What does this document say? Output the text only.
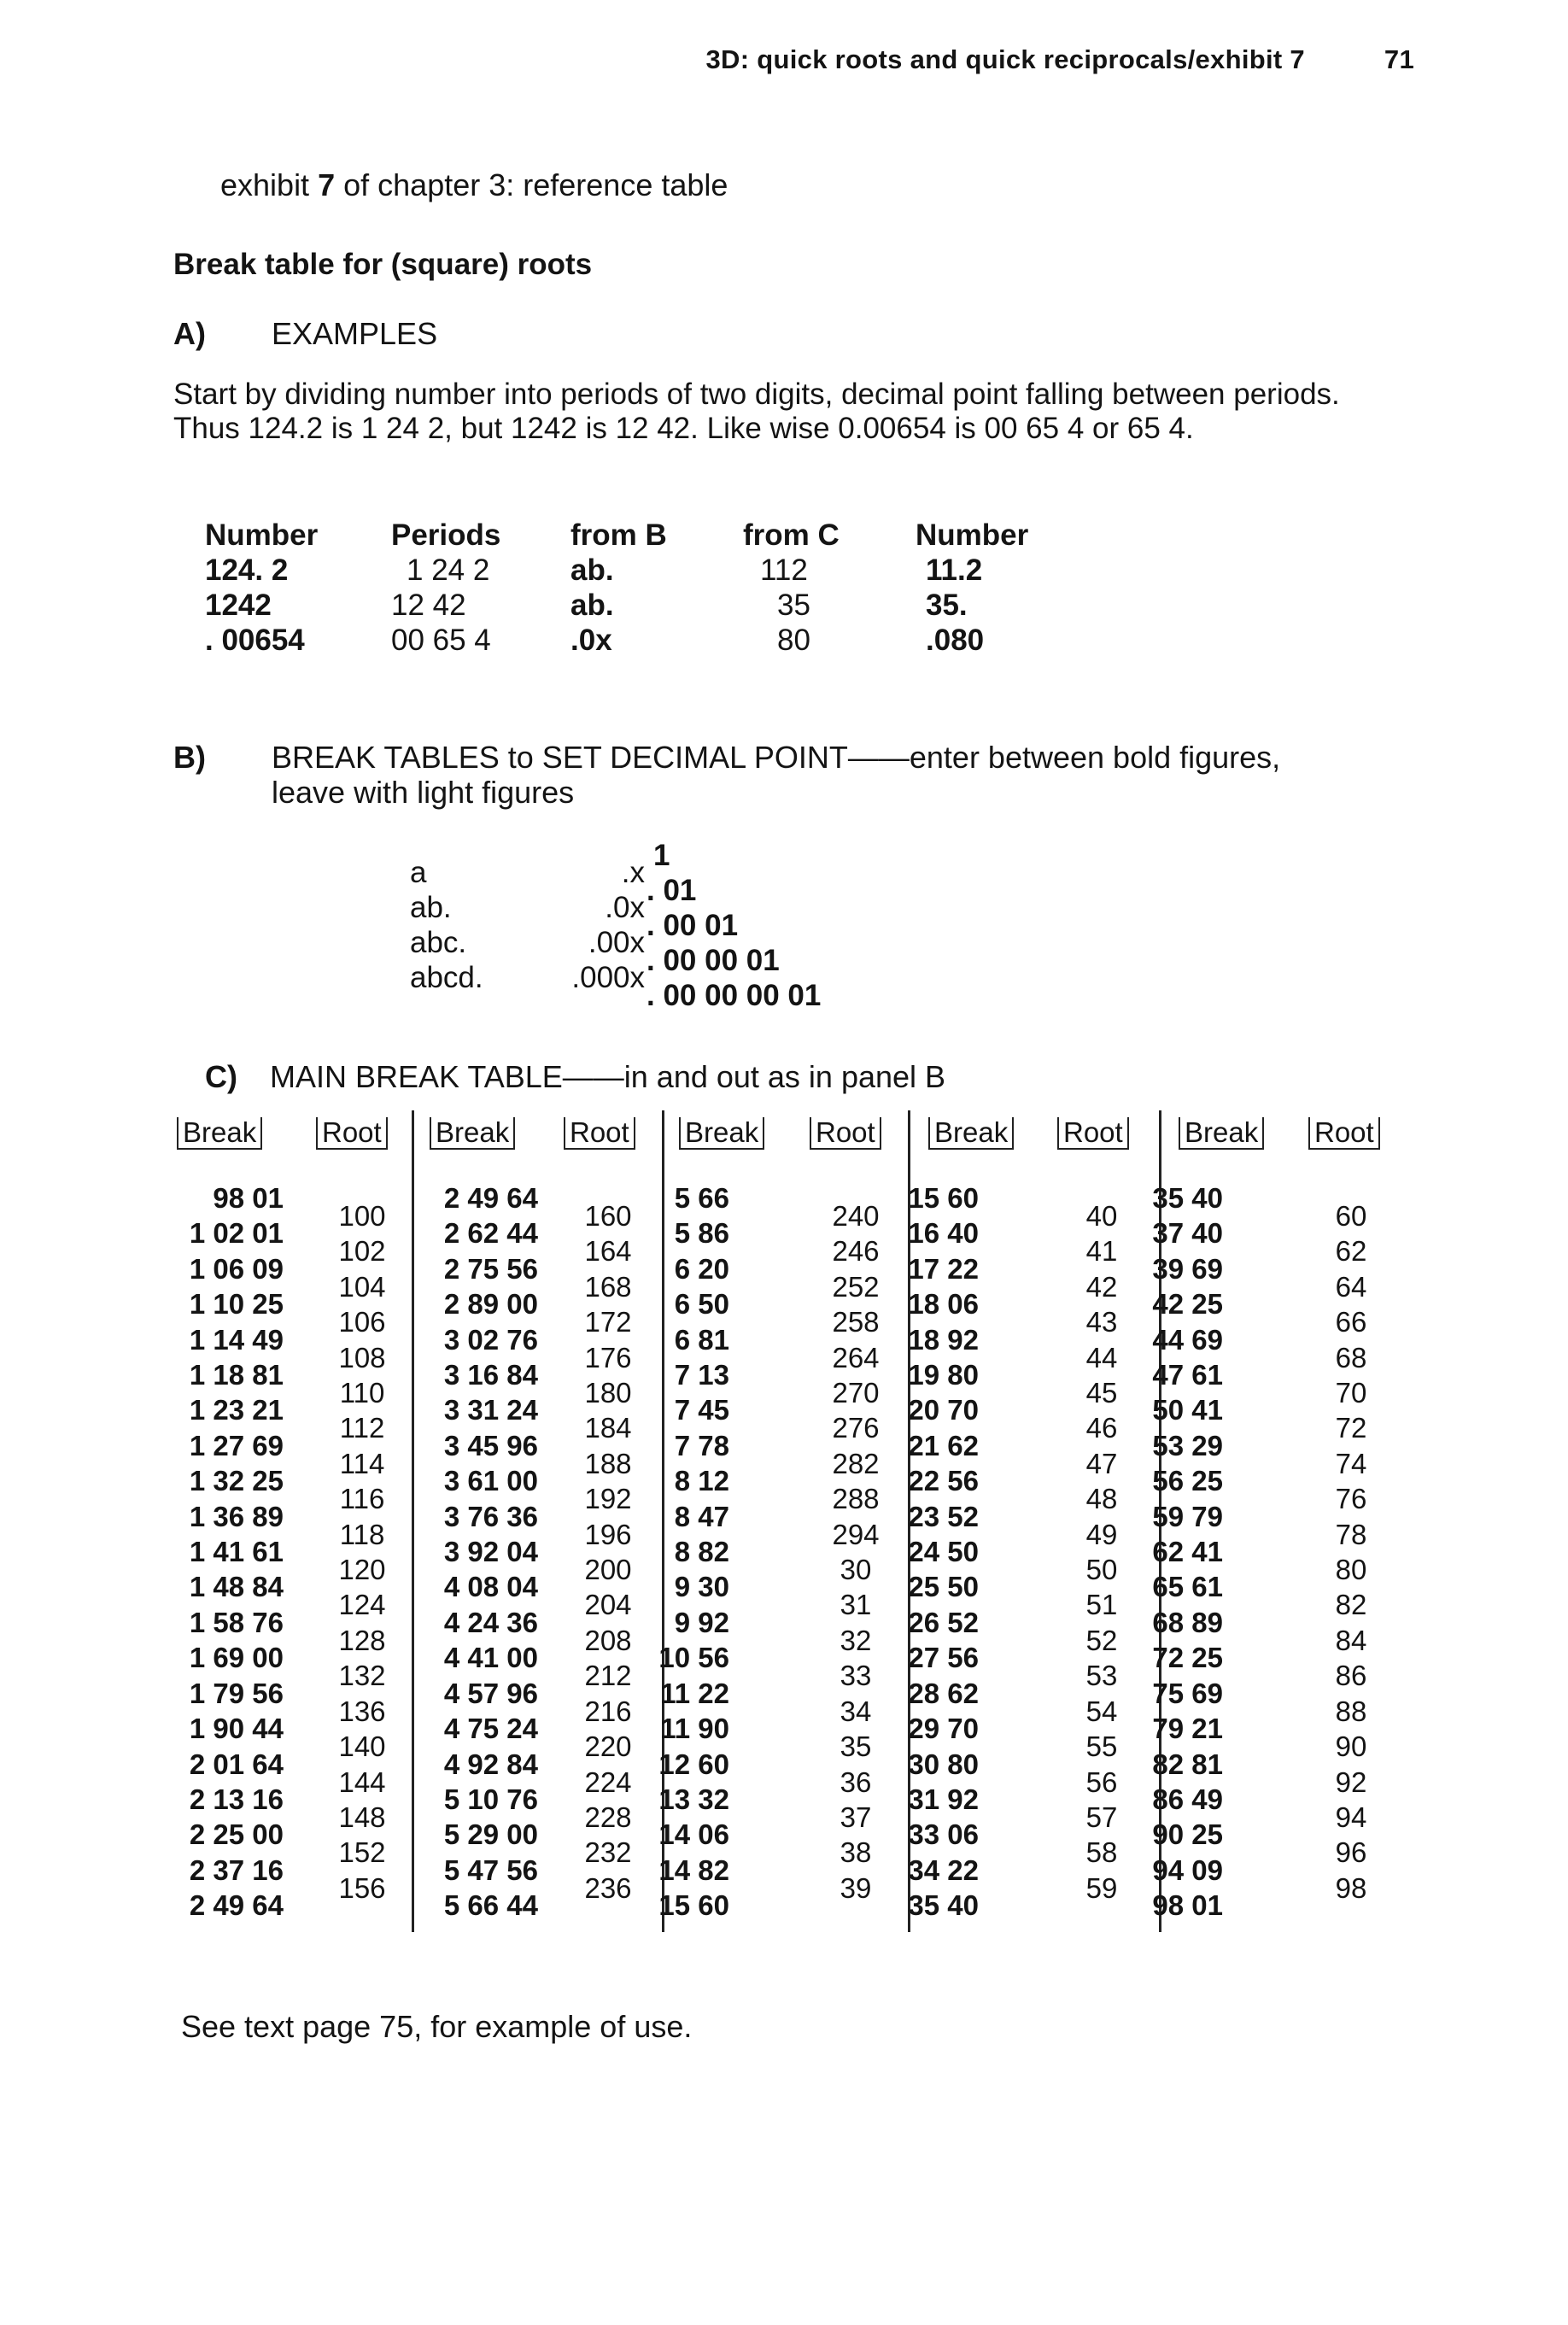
3D: quick roots and quick reciprocals/exhibit 7	71
exhibit 7 of chapter 3: reference table
Break table for (square) roots
A) EXAMPLES
Start by dividing number into periods of two digits, decimal point falling between periods. Thus 124.2 is 1 24 2, but 1242 is 12 42. Like wise 0.00654 is 00 65 4 or 65 4.
Number
124. 2
1242
. 00654
Periods
1 24 2
12 42
00 65 4
from B
ab.
ab.
.0x
from C
112
35
80
Number
11.2
35.
.080
B) BREAK TABLES to SET DECIMAL POINT——enter between bold figures,
leave with light figures
a
ab.
abc.
abcd.
.x
.0x
.00x
.000x
1
. 01
. 00 01
. 00 00 01
. 00 00 00 01
C) MAIN BREAK TABLE——in and out as in panel B
Break Root Break Root Break Root Break Root Break Root
98 01
1 02 01
1 06 09
1 10 25
1 14 49
1 18 81
1 23 21
1 27 69
1 32 25
1 36 89
1 41 61
1 48 84
1 58 76
1 69 00
1 79 56
1 90 44
2 01 64
2 13 16
2 25 00
2 37 16
2 49 64
100
102
104
106
108
110
112
114
116
118
120
124
128
132
136
140
144
148
152
156
2 49 64
2 62 44
2 75 56
2 89 00
3 02 76
3 16 84
3 31 24
3 45 96
3 61 00
3 76 36
3 92 04
4 08 04
4 24 36
4 41 00
4 57 96
4 75 24
4 92 84
5 10 76
5 29 00
5 47 56
5 66 44
160
164
168
172
176
180
184
188
192
196
200
204
208
212
216
220
224
228
232
236
5 66
5 86
6 20
6 50
6 81
7 13
7 45
7 78
8 12
8 47
8 82
9 30
9 92
10 56
11 22
11 90
12 60
13 32
14 06
14 82
15 60
240
246
252
258
264
270
276
282
288
294
30
31
32
33
34
35
36
37
38
39
15 60
16 40
17 22
18 06
18 92
19 80
20 70
21 62
22 56
23 52
24 50
25 50
26 52
27 56
28 62
29 70
30 80
31 92
33 06
34 22
35 40
40
41
42
43
44
45
46
47
48
49
50
51
52
53
54
55
56
57
58
59
35 40
37 40
39 69
42 25
44 69
47 61
50 41
53 29
56 25
59 79
62 41
65 61
68 89
72 25
75 69
79 21
82 81
86 49
90 25
94 09
98 01
60
62
64
66
68
70
72
74
76
78
80
82
84
86
88
90
92
94
96
98
See text page 75, for example of use.
